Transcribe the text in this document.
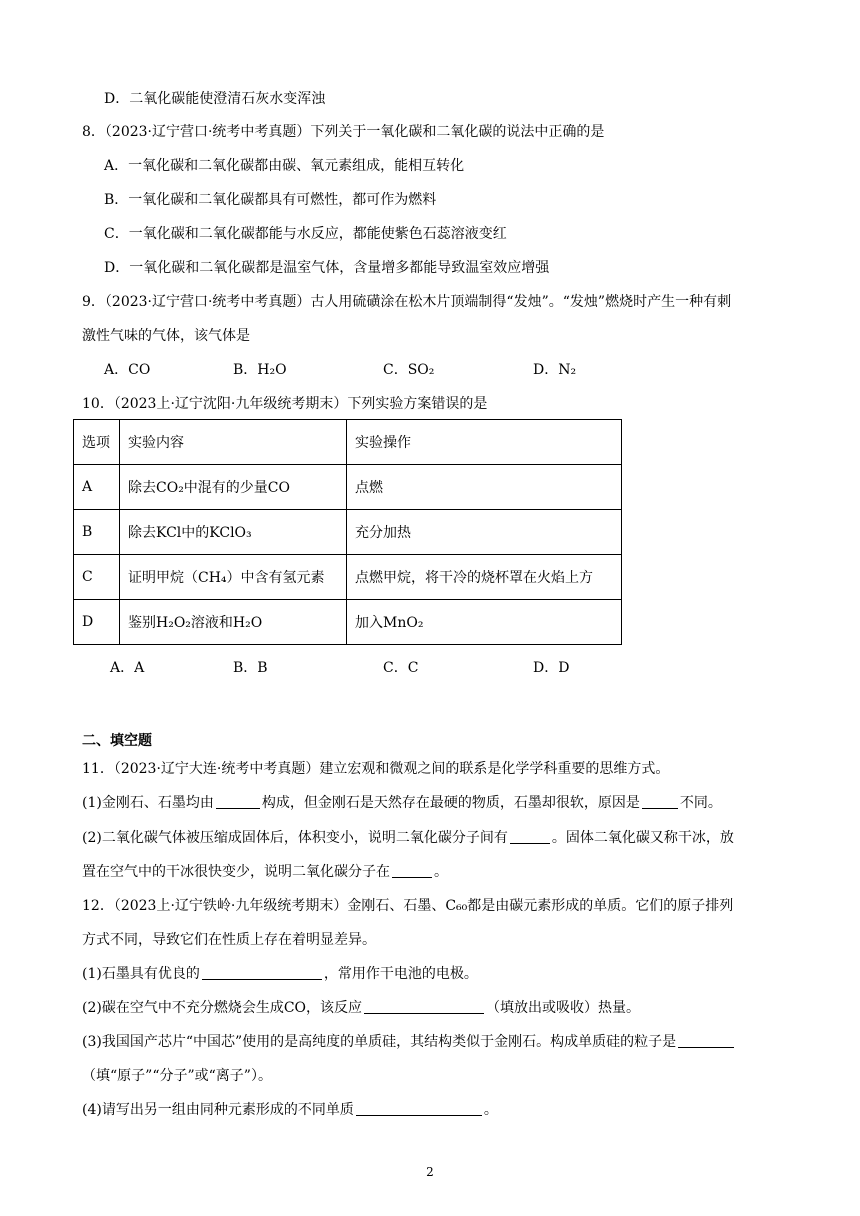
D．二氧化碳能使澄清石灰水变浑浊
8．（2023·辽宁营口·统考中考真题）下列关于一氧化碳和二氧化碳的说法中正确的是
A．一氧化碳和二氧化碳都由碳、氧元素组成，能相互转化
B．一氧化碳和二氧化碳都具有可燃性，都可作为燃料
C．一氧化碳和二氧化碳都能与水反应，都能使紫色石蕊溶液变红
D．一氧化碳和二氧化碳都是温室气体，含量增多都能导致温室效应增强
9．（2023·辽宁营口·统考中考真题）古人用硫磺涂在松木片顶端制得“发烛”。“发烛”燃烧时产生一种有刺
激性气味的气体，该气体是
A．CO	B．H₂O	C．SO₂	D．N₂
10．（2023上·辽宁沈阳·九年级统考期末）下列实验方案错误的是
选项	实验内容	实验操作
A	除去CO₂中混有的少量CO	点燃
B	除去KCl中的KClO₃	充分加热
C	证明甲烷（CH₄）中含有氢元素	点燃甲烷，将干冷的烧杯罩在火焰上方
D	鉴别H₂O₂溶液和H₂O	加入MnO₂
A．A	B．B	C．C	D．D
二、填空题
11．（2023·辽宁大连·统考中考真题）建立宏观和微观之间的联系是化学学科重要的思维方式。
(1)金刚石、石墨均由	构成，但金刚石是天然存在最硬的物质，石墨却很软，原因是	不同。
(2)二氧化碳气体被压缩成固体后，体积变小，说明二氧化碳分子间有	。固体二氧化碳又称干冰，放
置在空气中的干冰很快变少，说明二氧化碳分子在	。
12．（2023上·辽宁铁岭·九年级统考期末）金刚石、石墨、C₆₀都是由碳元素形成的单质。它们的原子排列
方式不同，导致它们在性质上存在着明显差异。
(1)石墨具有优良的	，常用作干电池的电极。
(2)碳在空气中不充分燃烧会生成CO，该反应	（填放出或吸收）热量。
(3)我国国产芯片“中国芯”使用的是高纯度的单质硅，其结构类似于金刚石。构成单质硅的粒子是
（填“原子”“分子”或“离子”）。
(4)请写出另一组由同种元素形成的不同单质	。
2
